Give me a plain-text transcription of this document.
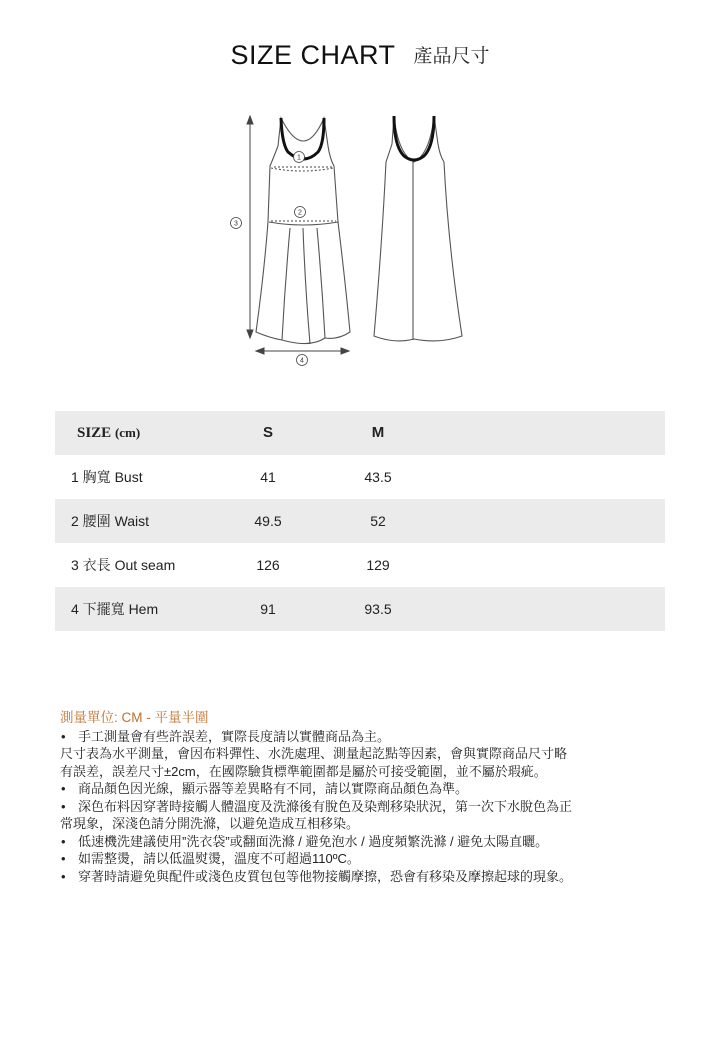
SIZE CHART 產品尺寸
1
2
3
4
SIZE (cm)	S	M
1 胸寬 Bust	41	43.5
2 腰圍 Waist	49.5	52
3 衣長 Out seam	126	129
4 下擺寬 Hem	91	93.5
測量單位: CM - 平量半圍
• 手工測量會有些許誤差，實際長度請以實體商品為主。
尺寸表為水平測量，會因布料彈性、水洗處理、測量起訖點等因素，會與實際商品尺寸略
有誤差，誤差尺寸±2cm，在國際驗貨標準範圍都是屬於可接受範圍，並不屬於瑕疵。
• 商品顏色因光線，顯示器等差異略有不同，請以實際商品顏色為準。
• 深色布料因穿著時接觸人體溫度及洗滌後有脫色及染劑移染狀況，第一次下水脫色為正
常現象，深淺色請分開洗滌，以避免造成互相移染。
• 低速機洗建議使用”洗衣袋”或翻面洗滌 / 避免泡水 / 過度頻繁洗滌 / 避免太陽直曬。
• 如需整燙，請以低溫熨燙，溫度不可超過110ºC。
• 穿著時請避免與配件或淺色皮質包包等他物接觸摩擦，恐會有移染及摩擦起球的現象。
